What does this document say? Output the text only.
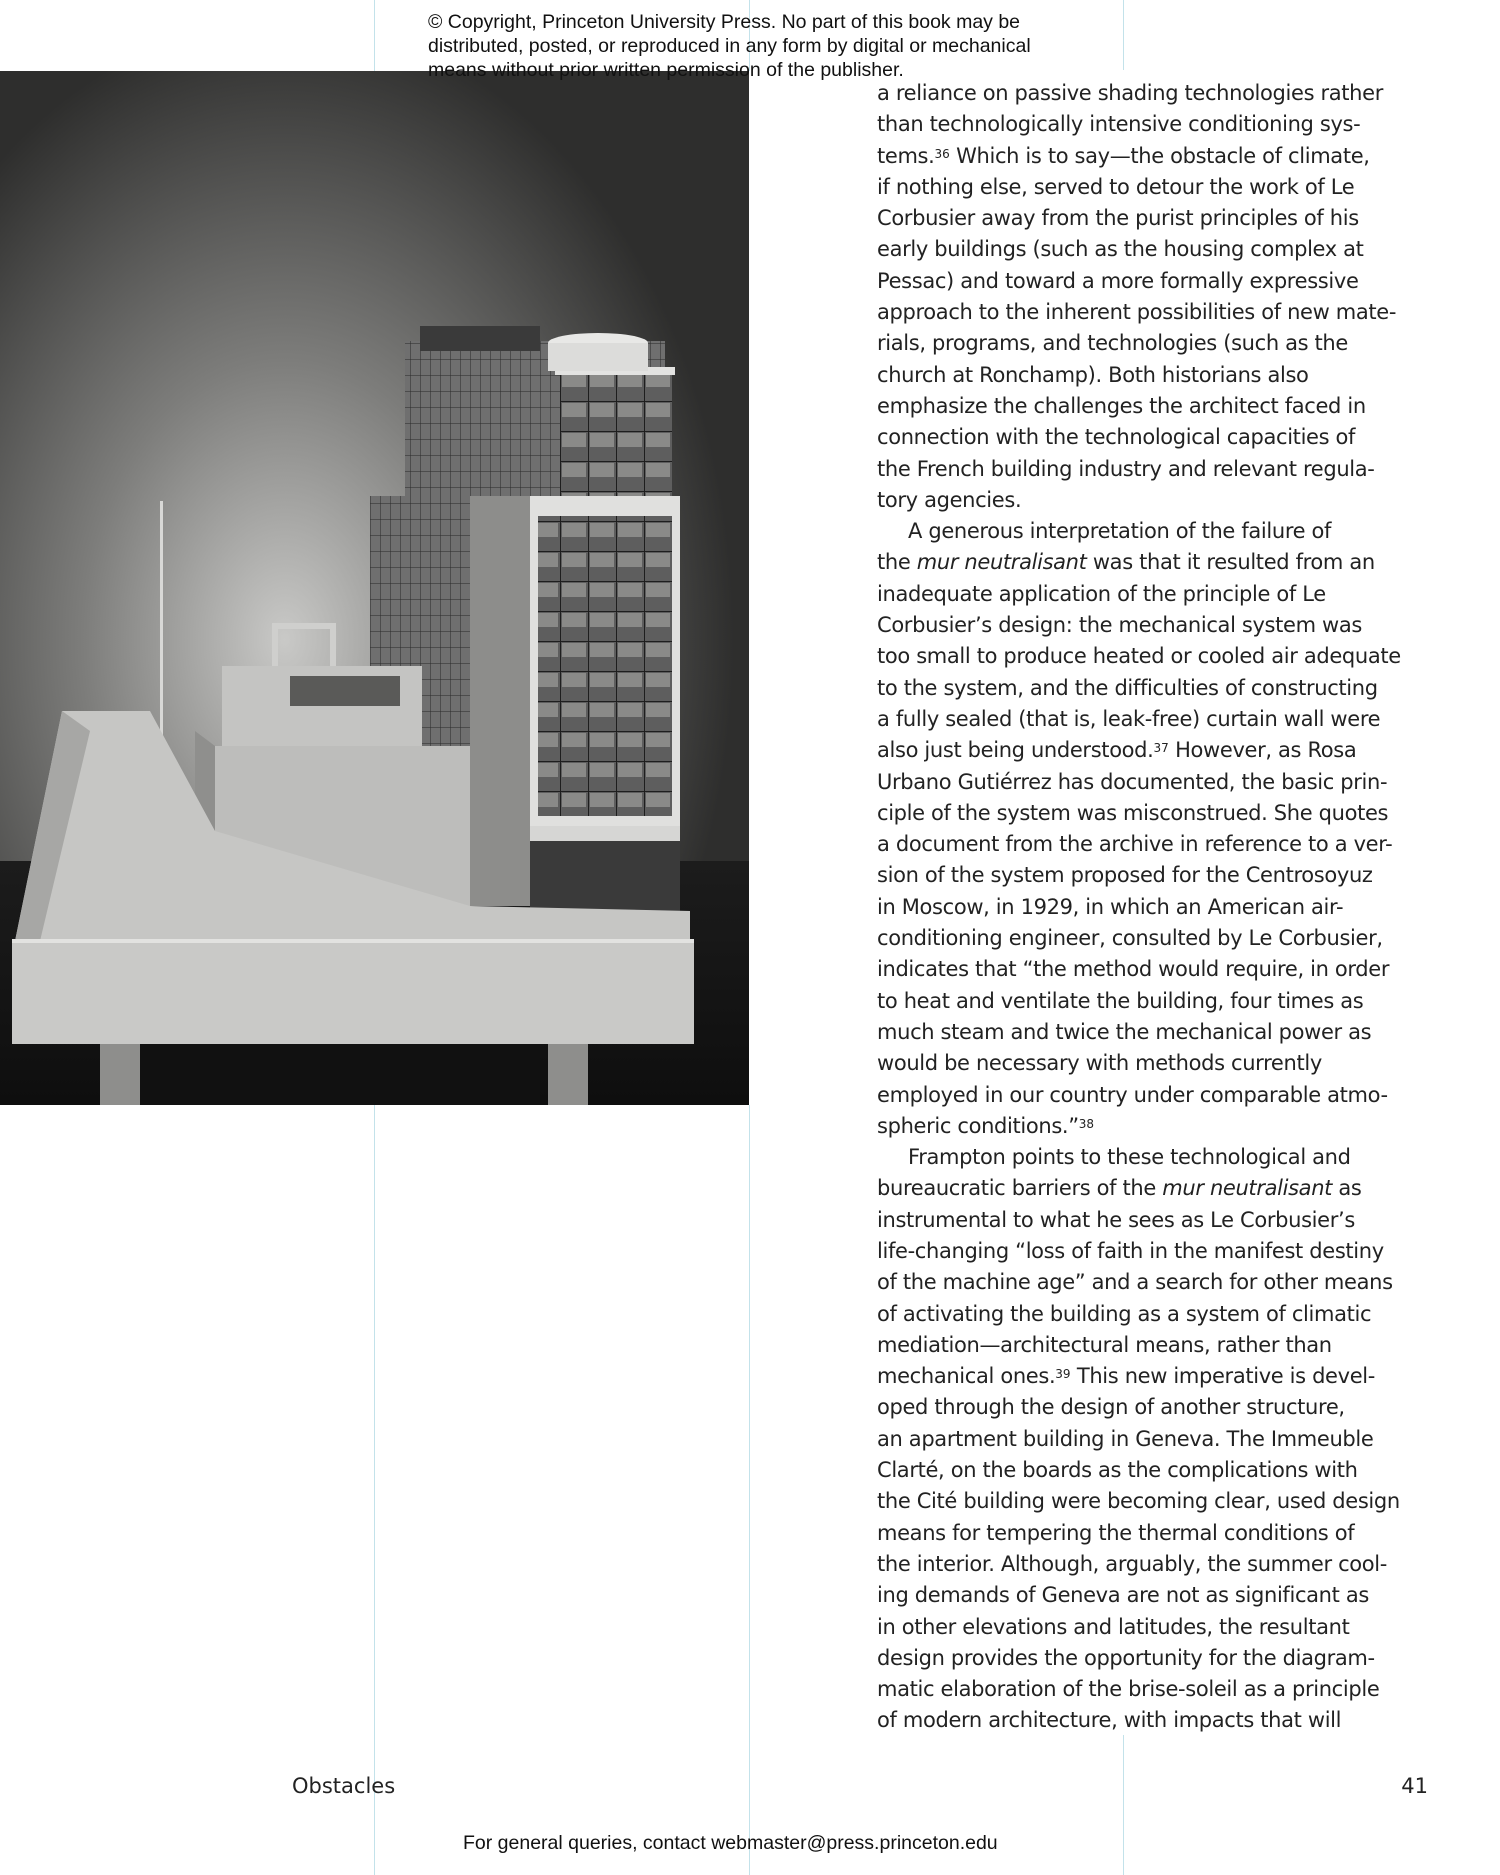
© Copyright, Princeton University Press. No part of this book may be
distributed, posted, or reproduced in any form by digital or mechanical
means without prior written permission of the publisher.
a reliance on passive shading technologies rather
than technologically intensive conditioning sys-
tems.$^{36}$ Which is to say—the obstacle of climate,
if nothing else, served to detour the work of Le
Corbusier away from the purist principles of his
early buildings (such as the housing complex at
Pessac) and toward a more formally expressive
approach to the inherent possibilities of new mate-
rials, programs, and technologies (such as the
church at Ronchamp). Both historians also
emphasize the challenges the architect faced in
connection with the technological capacities of
the French building industry and relevant regula-
tory agencies.
A generous interpretation of the failure of
the mur neutralisant was that it resulted from an
inadequate application of the principle of Le
Corbusier’s design: the mechanical system was
too small to produce heated or cooled air adequate
to the system, and the difficulties of constructing
a fully sealed (that is, leak-free) curtain wall were
also just being understood.$^{37}$ However, as Rosa
Urbano Gutiérrez has documented, the basic prin-
ciple of the system was misconstrued. She quotes
a document from the archive in reference to a ver-
sion of the system proposed for the Centrosoyuz
in Moscow, in 1929, in which an American air-
conditioning engineer, consulted by Le Corbusier,
indicates that “the method would require, in order
to heat and ventilate the building, four times as
much steam and twice the mechanical power as
would be necessary with methods currently
employed in our country under comparable atmo-
spheric conditions.”$^{38}$
Frampton points to these technological and
bureaucratic barriers of the mur neutralisant as
instrumental to what he sees as Le Corbusier’s
life-changing “loss of faith in the manifest destiny
of the machine age” and a search for other means
of activating the building as a system of climatic
mediation—architectural means, rather than
mechanical ones.$^{39}$ This new imperative is devel-
oped through the design of another structure,
an apartment building in Geneva. The Immeuble
Clarté, on the boards as the complications with
the Cité building were becoming clear, used design
means for tempering the thermal conditions of
the interior. Although, arguably, the summer cool-
ing demands of Geneva are not as significant as
in other elevations and latitudes, the resultant
design provides the opportunity for the diagram-
matic elaboration of the brise-soleil as a principle
of modern architecture, with impacts that will
Obstacles	41
For general queries, contact webmaster@press.princeton.edu
